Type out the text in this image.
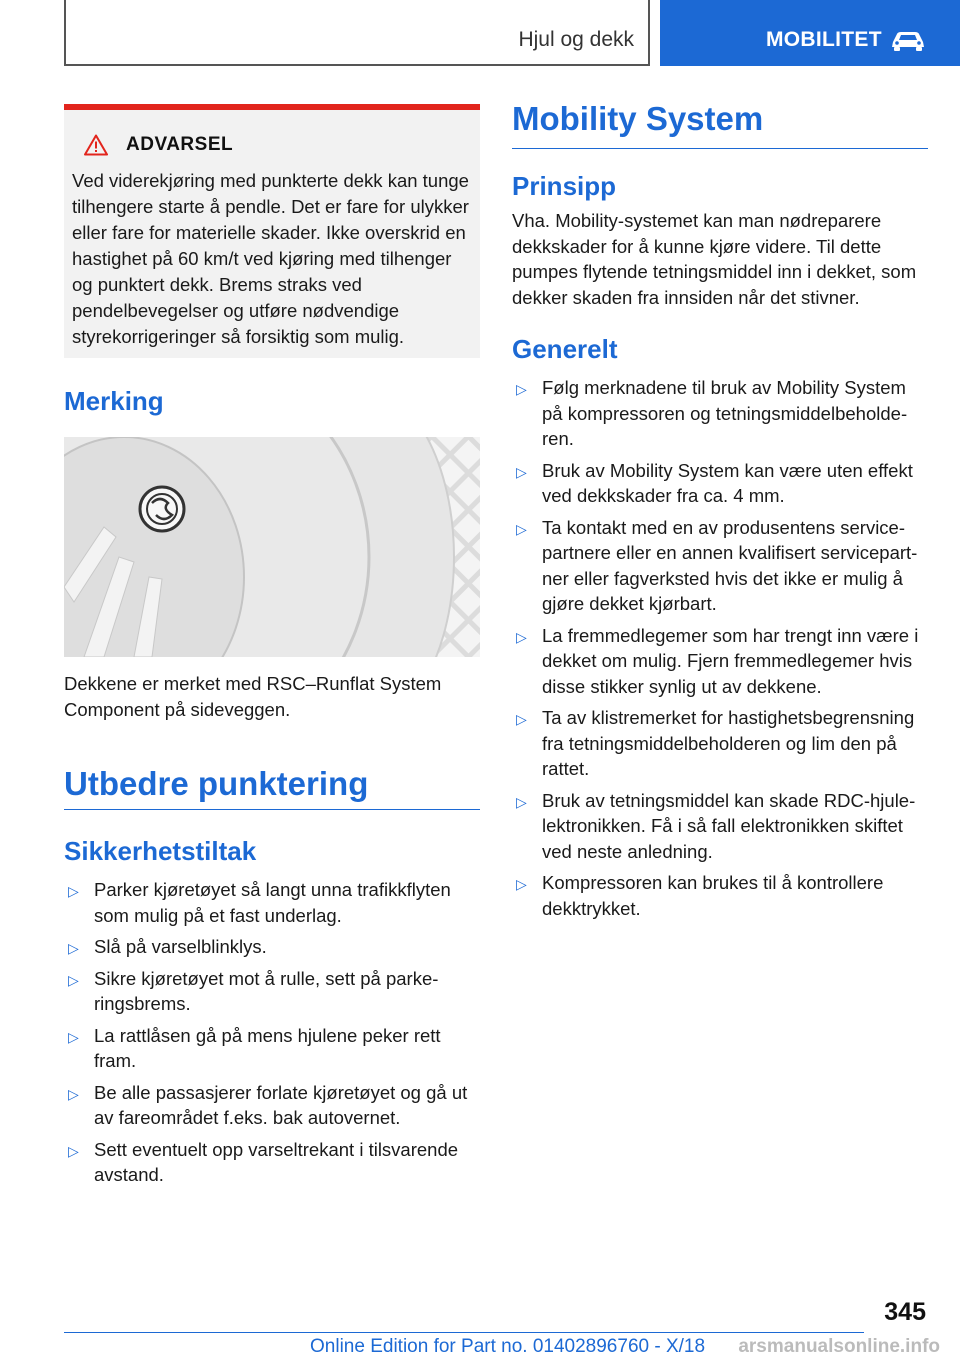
Hjul og dekk	MOBILITET
ADVARSEL

Ved viderekjøring med punkterte dekk kan tunge tilhengere starte å pendle. Det er fare for ulykker eller fare for materielle skader. Ikke overskrid en hastighet på 60 km/t ved kjøring med tilhenger og punktert dekk. Brems straks ved pendelbevegelser og utføre nødvendige styrekorrigeringer så forsiktig som mulig.

Merking

Dekkene er merket med RSC–Runflat System Component på sideveggen.

Utbedre punktering
Sikkerhetstiltak
▷ Parker kjøretøyet så langt unna trafikkflyten som mulig på et fast underlag.
▷ Slå på varselblinklys.
▷ Sikre kjøretøyet mot å rulle, sett på parkeringsbrems.
▷ La rattlåsen gå på mens hjulene peker rett fram.
▷ Be alle passasjerer forlate kjøretøyet og gå ut av fareområdet f.eks. bak autovernet.
▷ Sett eventuelt opp varseltrekant i tilsvarende avstand.
Mobility System
Prinsipp

Vha. Mobility-systemet kan man nødreparere dekkskader for å kunne kjøre videre. Til dette pumpes flytende tetningsmiddel inn i dekket, som dekker skaden fra innsiden når det stivner.

Generelt
▷ Følg merknadene til bruk av Mobility System på kompressoren og tetningsmiddelbeholderen.
▷ Bruk av Mobility System kan være uten effekt ved dekkskader fra ca. 4 mm.
▷ Ta kontakt med en av produsentens servicepartnere eller en annen kvalifisert servicepartner eller fagverksted hvis det ikke er mulig å gjøre dekket kjørbart.
▷ La fremmedlegemer som har trengt inn være i dekket om mulig. Fjern fremmedlegemer hvis disse stikker synlig ut av dekkene.
▷ Ta av klistremerket for hastighetsbegrensning fra tetningsmiddelbeholderen og lim den på rattet.
▷ Bruk av tetningsmiddel kan skade RDC-hjulelektronikken. Få i så fall elektronikken skiftet ved neste anledning.
▷ Kompressoren kan brukes til å kontrollere dekktrykket.
345
Online Edition for Part no. 01402896760 - X/18 arsmanualsonline.info
